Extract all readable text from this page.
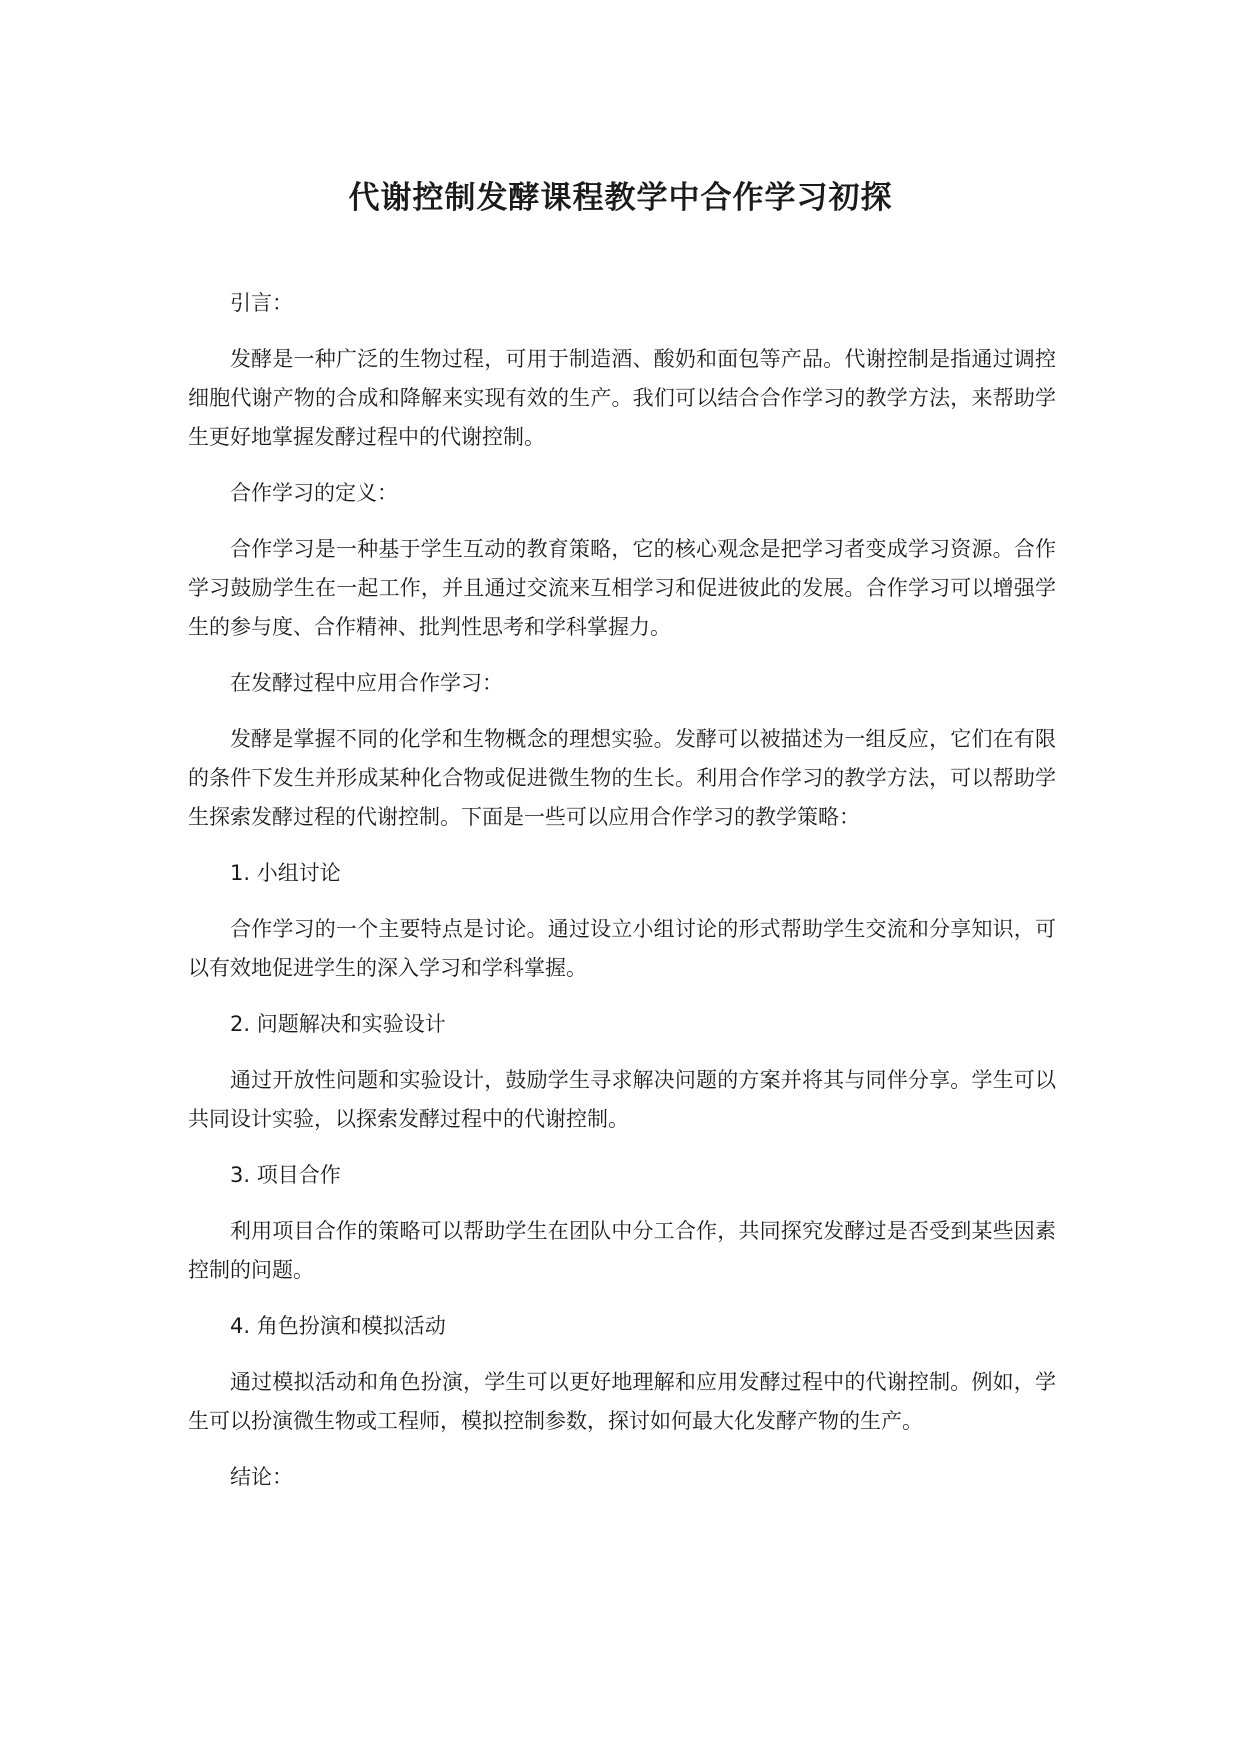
代谢控制发酵课程教学中合作学习初探

引言：

发酵是一种广泛的生物过程，可用于制造酒、酸奶和面包等产品。代谢控制是指通过调控细胞代谢产物的合成和降解来实现有效的生产。我们可以结合合作学习的教学方法，来帮助学生更好地掌握发酵过程中的代谢控制。

合作学习的定义：

合作学习是一种基于学生互动的教育策略，它的核心观念是把学习者变成学习资源。合作学习鼓励学生在一起工作，并且通过交流来互相学习和促进彼此的发展。合作学习可以增强学生的参与度、合作精神、批判性思考和学科掌握力。

在发酵过程中应用合作学习：

发酵是掌握不同的化学和生物概念的理想实验。发酵可以被描述为一组反应，它们在有限的条件下发生并形成某种化合物或促进微生物的生长。利用合作学习的教学方法，可以帮助学生探索发酵过程的代谢控制。下面是一些可以应用合作学习的教学策略：

1. 小组讨论

合作学习的一个主要特点是讨论。通过设立小组讨论的形式帮助学生交流和分享知识，可以有效地促进学生的深入学习和学科掌握。

2. 问题解决和实验设计

通过开放性问题和实验设计，鼓励学生寻求解决问题的方案并将其与同伴分享。学生可以共同设计实验，以探索发酵过程中的代谢控制。

3. 项目合作

利用项目合作的策略可以帮助学生在团队中分工合作，共同探究发酵过是否受到某些因素控制的问题。

4. 角色扮演和模拟活动

通过模拟活动和角色扮演，学生可以更好地理解和应用发酵过程中的代谢控制。例如，学生可以扮演微生物或工程师，模拟控制参数，探讨如何最大化发酵产物的生产。

结论：
